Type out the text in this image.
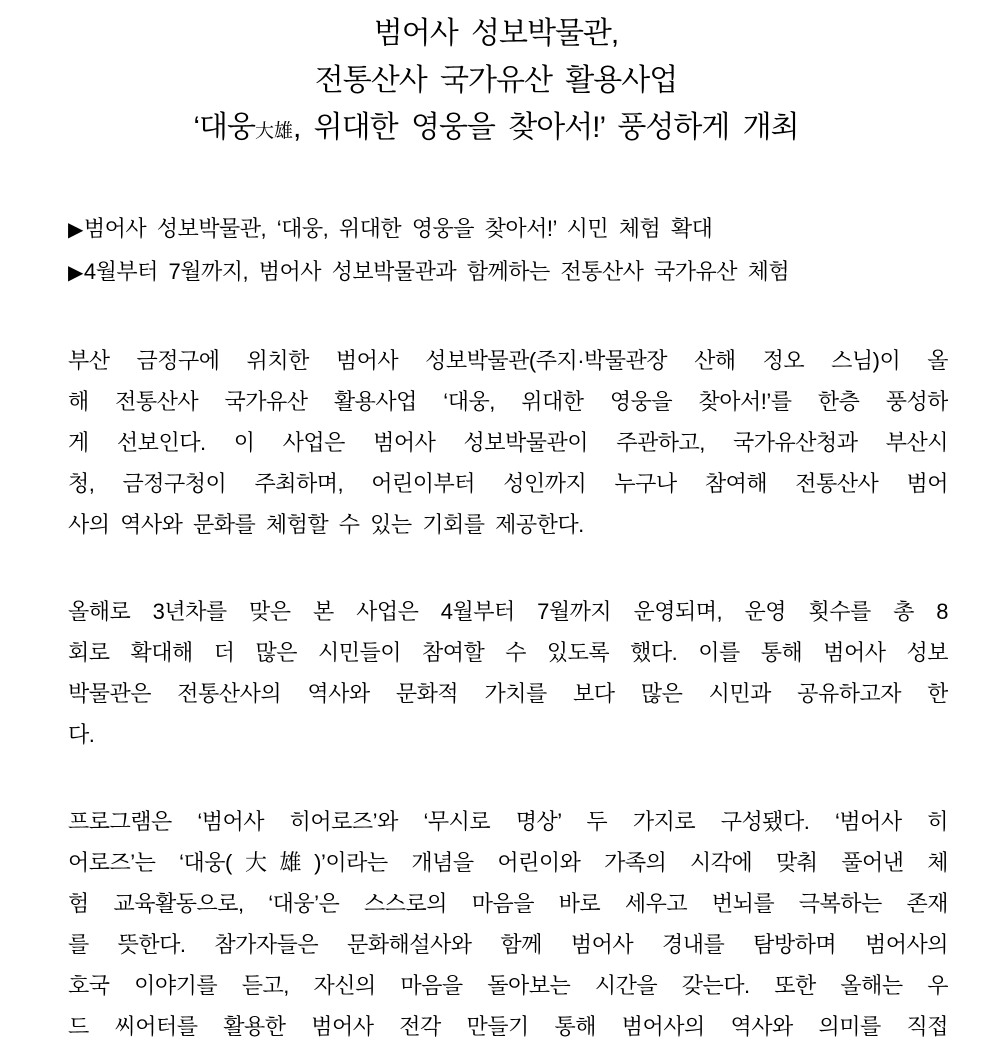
범어사 성보박물관,
전통산사 국가유산 활용사업
‘대웅大雄, 위대한 영웅을 찾아서!’ 풍성하게 개최
▶범어사 성보박물관, ‘대웅, 위대한 영웅을 찾아서!’ 시민 체험 확대
▶4월부터 7월까지, 범어사 성보박물관과 함께하는 전통산사 국가유산 체험
부산 금정구에 위치한 범어사 성보박물관(주지·박물관장 산해 정오 스님)이 올
해 전통산사 국가유산 활용사업 ‘대웅, 위대한 영웅을 찾아서!’를 한층 풍성하
게 선보인다. 이 사업은 범어사 성보박물관이 주관하고, 국가유산청과 부산시
청, 금정구청이 주최하며, 어린이부터 성인까지 누구나 참여해 전통산사 범어
사의 역사와 문화를 체험할 수 있는 기회를 제공한다.
올해로 3년차를 맞은 본 사업은 4월부터 7월까지 운영되며, 운영 횟수를 총 8
회로 확대해 더 많은 시민들이 참여할 수 있도록 했다. 이를 통해 범어사 성보
박물관은 전통산사의 역사와 문화적 가치를 보다 많은 시민과 공유하고자 한
다.
프로그램은 ‘범어사 히어로즈’와 ‘무시로 명상’ 두 가지로 구성됐다. ‘범어사 히
어로즈’는 ‘대웅(大雄)’이라는 개념을 어린이와 가족의 시각에 맞춰 풀어낸 체
험 교육활동으로, ‘대웅’은 스스로의 마음을 바로 세우고 번뇌를 극복하는 존재
를 뜻한다. 참가자들은 문화해설사와 함께 범어사 경내를 탐방하며 범어사의
호국 이야기를 듣고, 자신의 마음을 돌아보는 시간을 갖는다. 또한 올해는 우
드 씨어터를 활용한 범어사 전각 만들기 통해 범어사의 역사와 의미를 직접
